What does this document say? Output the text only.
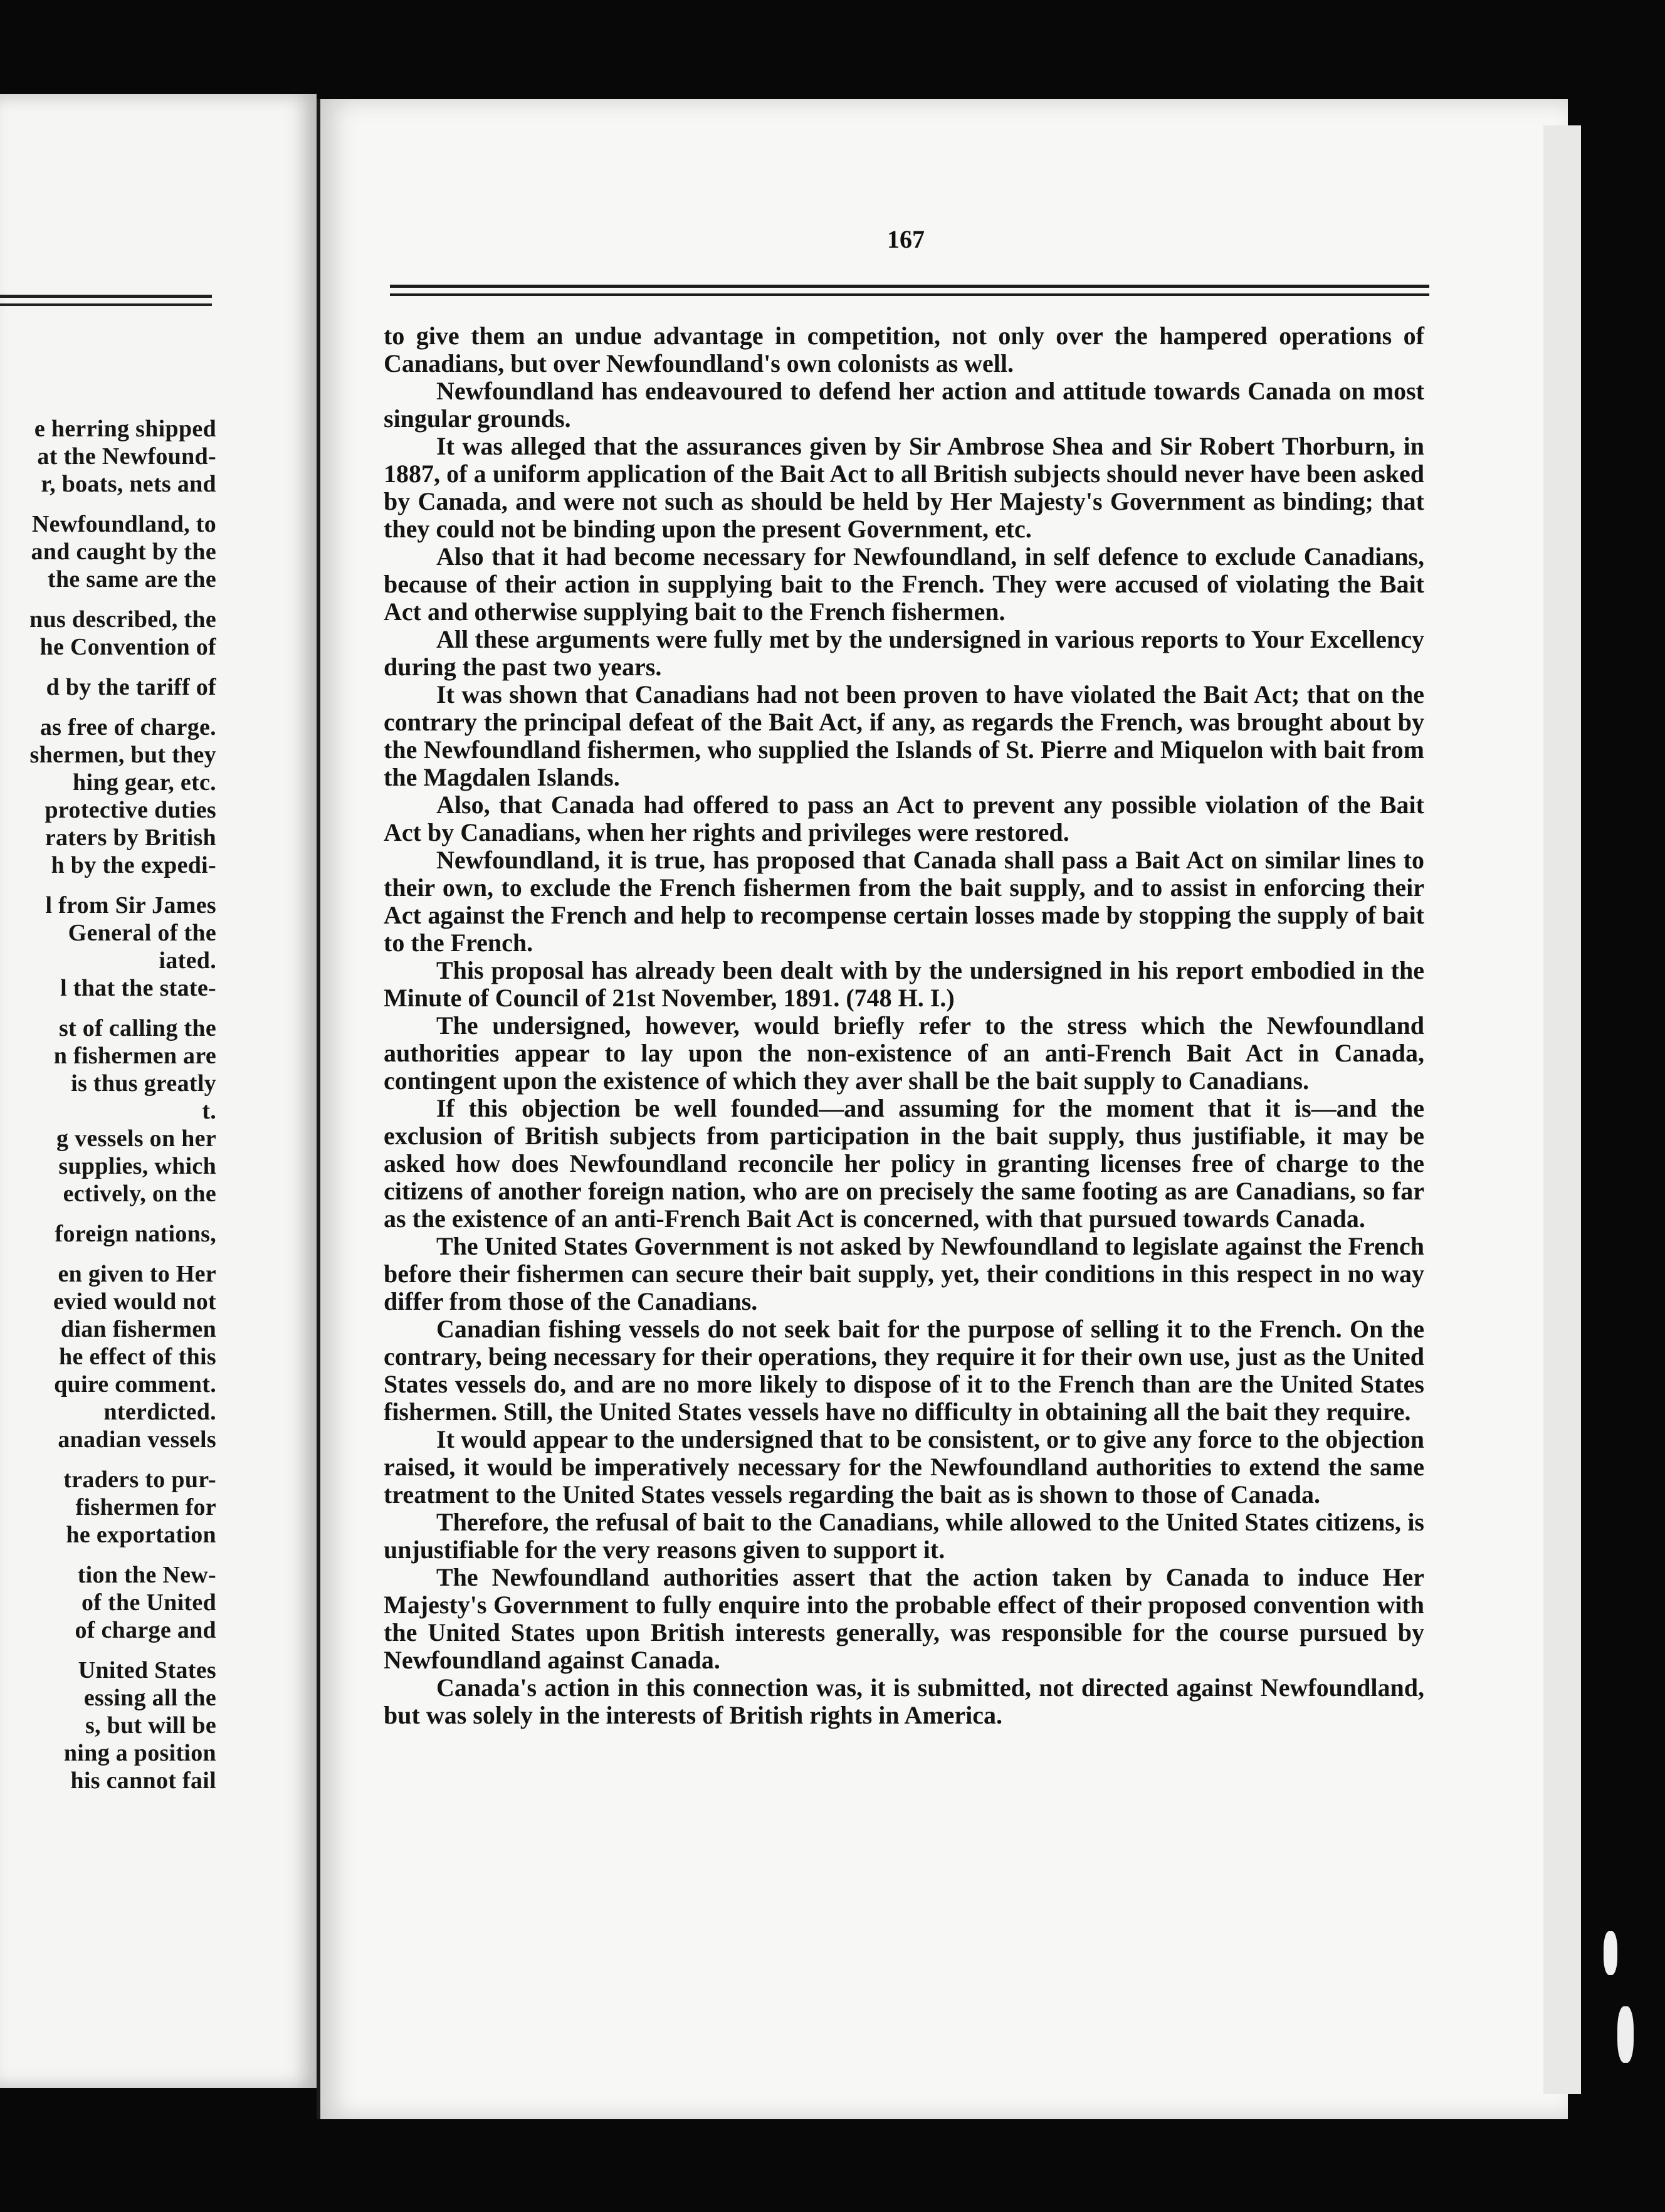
e herring shipped
at the Newfound-
r, boats, nets and
Newfoundland, to
and caught by the
the same are the
nus described, the
he Convention of
d by the tariff of
as free of charge.
shermen, but they
hing gear, etc.
protective duties
raters by British
h by the expedi-
l from Sir James
General of the
iated.
l that the state-
st of calling the
n fishermen are
is thus greatly
t.
g vessels on her
supplies, which
ectively, on the
foreign nations,
en given to Her
evied would not
dian fishermen
he effect of this
quire comment.
nterdicted.
anadian vessels
traders to pur-
fishermen for
he exportation
tion the New-
of the United
of charge and
United States
essing all the
s, but will be
ning a position
his cannot fail
167

to give them an undue advantage in competition, not only over the hampered operations of Canadians, but over Newfoundland's own colonists as well.

Newfoundland has endeavoured to defend her action and attitude towards Canada on most singular grounds.

It was alleged that the assurances given by Sir Ambrose Shea and Sir Robert Thorburn, in 1887, of a uniform application of the Bait Act to all British subjects should never have been asked by Canada, and were not such as should be held by Her Majesty's Government as binding; that they could not be binding upon the present Government, etc.

Also that it had become necessary for Newfoundland, in self defence to exclude Canadians, because of their action in supplying bait to the French. They were accused of violating the Bait Act and otherwise supplying bait to the French fishermen.

All these arguments were fully met by the undersigned in various reports to Your Excellency during the past two years.

It was shown that Canadians had not been proven to have violated the Bait Act; that on the contrary the principal defeat of the Bait Act, if any, as regards the French, was brought about by the Newfoundland fishermen, who supplied the Islands of St. Pierre and Miquelon with bait from the Magdalen Islands.

Also, that Canada had offered to pass an Act to prevent any possible violation of the Bait Act by Canadians, when her rights and privileges were restored.

Newfoundland, it is true, has proposed that Canada shall pass a Bait Act on similar lines to their own, to exclude the French fishermen from the bait supply, and to assist in enforcing their Act against the French and help to recompense certain losses made by stopping the supply of bait to the French.

This proposal has already been dealt with by the undersigned in his report embodied in the Minute of Council of 21st November, 1891. (748 H. I.)

The undersigned, however, would briefly refer to the stress which the Newfoundland authorities appear to lay upon the non-existence of an anti-French Bait Act in Canada, contingent upon the existence of which they aver shall be the bait supply to Canadians.

If this objection be well founded—and assuming for the moment that it is—and the exclusion of British subjects from participation in the bait supply, thus justifiable, it may be asked how does Newfoundland reconcile her policy in granting licenses free of charge to the citizens of another foreign nation, who are on precisely the same footing as are Canadians, so far as the existence of an anti-French Bait Act is concerned, with that pursued towards Canada.

The United States Government is not asked by Newfoundland to legislate against the French before their fishermen can secure their bait supply, yet, their conditions in this respect in no way differ from those of the Canadians.

Canadian fishing vessels do not seek bait for the purpose of selling it to the French. On the contrary, being necessary for their operations, they require it for their own use, just as the United States vessels do, and are no more likely to dispose of it to the French than are the United States fishermen. Still, the United States vessels have no difficulty in obtaining all the bait they require.

It would appear to the undersigned that to be consistent, or to give any force to the objection raised, it would be imperatively necessary for the Newfoundland authorities to extend the same treatment to the United States vessels regarding the bait as is shown to those of Canada.

Therefore, the refusal of bait to the Canadians, while allowed to the United States citizens, is unjustifiable for the very reasons given to support it.

The Newfoundland authorities assert that the action taken by Canada to induce Her Majesty's Government to fully enquire into the probable effect of their proposed convention with the United States upon British interests generally, was responsible for the course pursued by Newfoundland against Canada.

Canada's action in this connection was, it is submitted, not directed against Newfoundland, but was solely in the interests of British rights in America.
